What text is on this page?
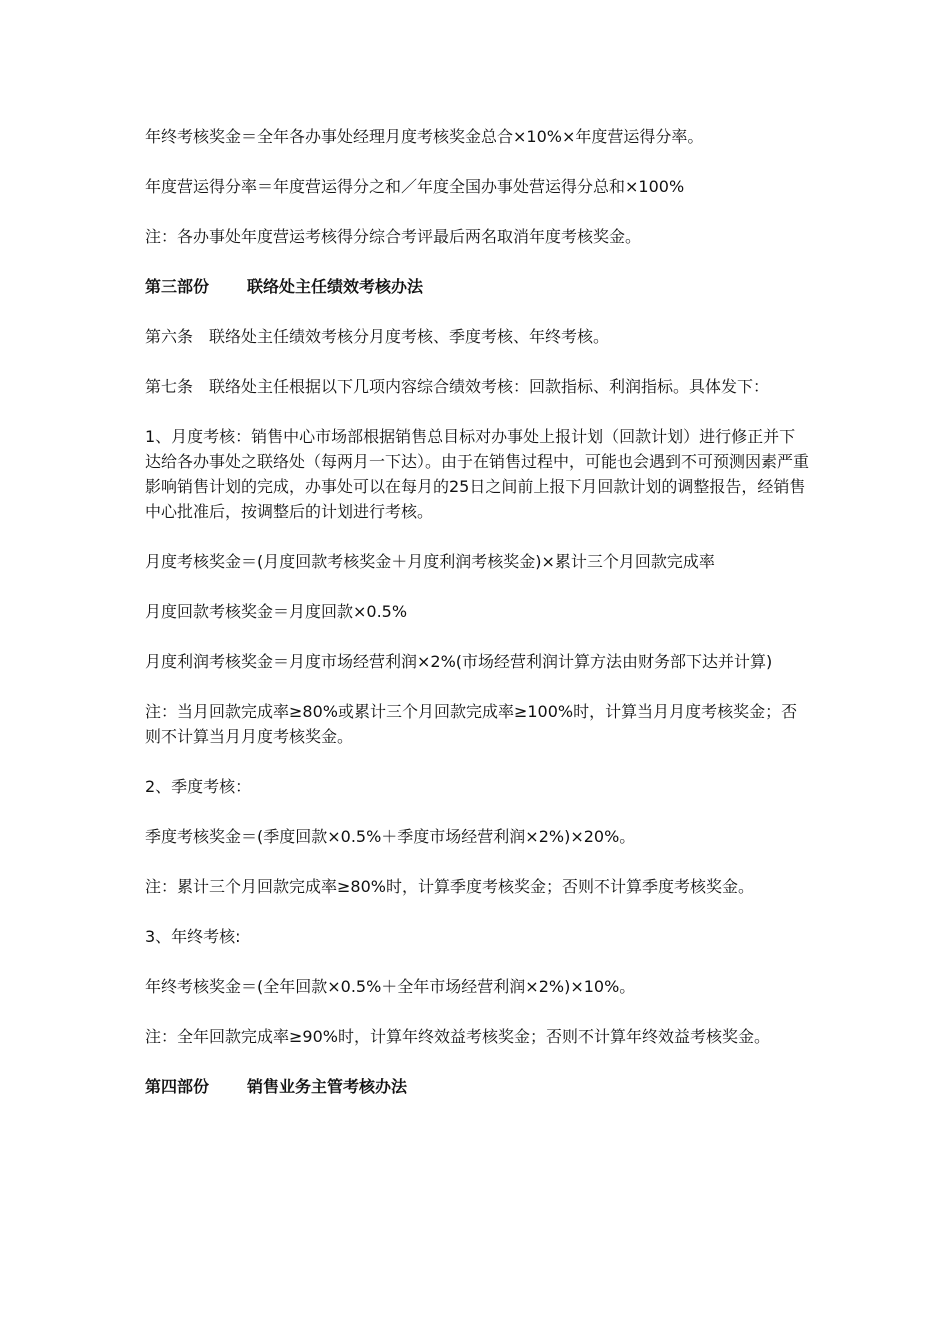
年终考核奖金＝全年各办事处经理月度考核奖金总合×10%×年度营运得分率。

年度营运得分率＝年度营运得分之和／年度全国办事处营运得分总和×100%

注：各办事处年度营运考核得分综合考评最后两名取消年度考核奖金。

第三部份 联络处主任绩效考核办法

第六条 联络处主任绩效考核分月度考核、季度考核、年终考核。

第七条 联络处主任根据以下几项内容综合绩效考核：回款指标、利润指标。具体发下：

1、月度考核：销售中心市场部根据销售总目标对办事处上报计划（回款计划）进行修正并下达给各办事处之联络处（每两月一下达）。由于在销售过程中，可能也会遇到不可预测因素严重影响销售计划的完成，办事处可以在每月的25日之间前上报下月回款计划的调整报告，经销售中心批准后，按调整后的计划进行考核。

月度考核奖金＝(月度回款考核奖金＋月度利润考核奖金)×累计三个月回款完成率

月度回款考核奖金＝月度回款×0.5%

月度利润考核奖金＝月度市场经营利润×2%(市场经营利润计算方法由财务部下达并计算)

注：当月回款完成率≥80%或累计三个月回款完成率≥100%时，计算当月月度考核奖金；否则不计算当月月度考核奖金。

2、季度考核：

季度考核奖金＝(季度回款×0.5%＋季度市场经营利润×2%)×20%。

注：累计三个月回款完成率≥80%时，计算季度考核奖金；否则不计算季度考核奖金。

3、年终考核:

年终考核奖金＝(全年回款×0.5%＋全年市场经营利润×2%)×10%。

注：全年回款完成率≥90%时，计算年终效益考核奖金；否则不计算年终效益考核奖金。

第四部份 销售业务主管考核办法
